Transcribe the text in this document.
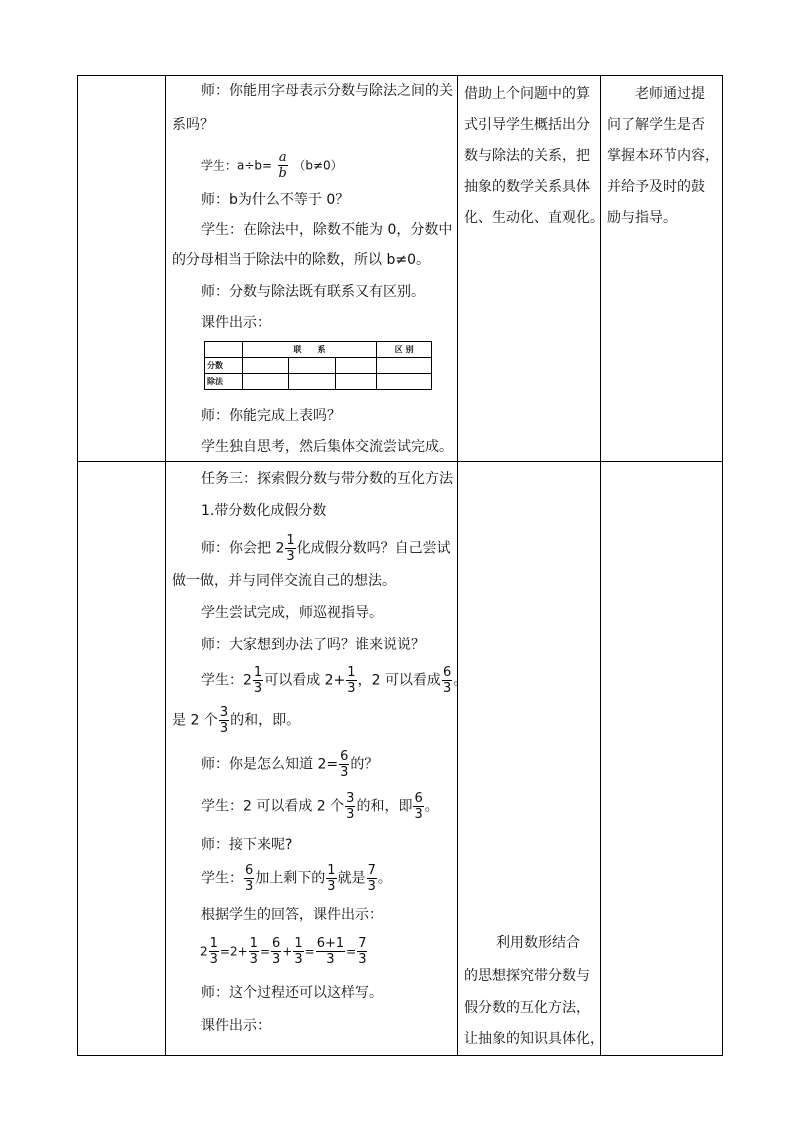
师：你能用字母表示分数与除法之间的关
系吗？
学生：$a\div b= \frac{a}{b} (b\ne 0)$
师：b为什么不等于 0？
学生：在除法中，除数不能为 0，分数中
的分母相当于除法中的除数，所以 b≠0。
师：分数与除法既有联系又有区别。
课件出示：
	联　　系	区 别
分数				
除法				
师：你能完成上表吗？
学生独自思考，然后集体交流尝试完成。

借助上个问题中的算
式引导学生概括出分
数与除法的关系，把
抽象的数学关系具体
化、生动化、直观化。

老师通过提
问了解学生是否
掌握本环节内容，
并给予及时的鼓
励与指导。

任务三：探索假分数与带分数的互化方法
1.带分数化成假分数
师：你会把 $2 \frac{1}{3}$ 化成假分数吗？自己尝试
做一做，并与同伴交流自己的想法。
学生尝试完成，师巡视指导。
师：大家想到办法了吗？谁来说说？
学生：$2 \frac{1}{3}$ 可以看成 $2+ \frac{1}{3}$ ，2 可以看成 $\frac{6}{3}$ 。
是 2 个 $\frac{3}{3}$ 的和，即。
师：你是怎么知道 $2= \frac{6}{3}$ 的？
学生：2 可以看成 2 个 $\frac{3}{3}$ 的和，即 $\frac{6}{3}$ 。
师：接下来呢?
学生： $\frac{6}{3}$ 加上剩下的 $\frac{1}{3}$ 就是 $\frac{7}{3}$ 。
根据学生的回答，课件出示：
$2 \frac{1}{3} =2+ \frac{1}{3} = \frac{6}{3} + \frac{1}{3} = \frac{6+1}{3} = \frac{7}{3}$
师：这个过程还可以这样写。
课件出示：

利用数形结合
的思想探究带分数与
假分数的互化方法，
让抽象的知识具体化，
